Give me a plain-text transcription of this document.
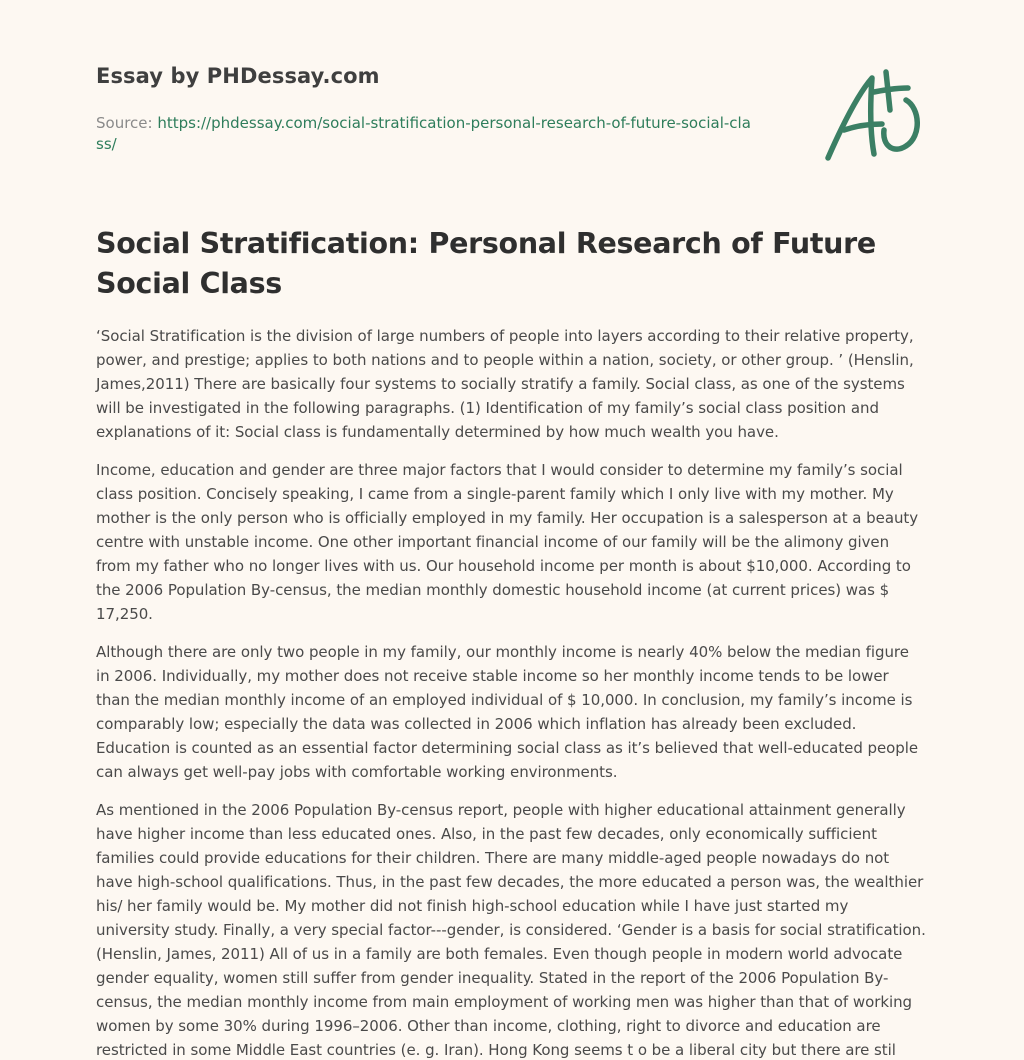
Essay by PHDessay.com
Source: https://phdessay.com/social-stratification-personal-research-of-future-social-class/
Social Stratification: Personal Research of Future Social Class

‘Social Stratification is the division of large numbers of people into layers according to their relative property, power, and prestige; applies to both nations and to people within a nation, society, or other group. ’ (Henslin, James,2011) There are basically four systems to socially stratify a family. Social class, as one of the systems will be investigated in the following paragraphs. (1) Identification of my family’s social class position and explanations of it: Social class is fundamentally determined by how much wealth you have.

Income, education and gender are three major factors that I would consider to determine my family’s social class position. Concisely speaking, I came from a single-parent family which I only live with my mother. My mother is the only person who is officially employed in my family. Her occupation is a salesperson at a beauty centre with unstable income. One other important financial income of our family will be the alimony given from my father who no longer lives with us. Our household income per month is about $10,000. According to the 2006 Population By-census, the median monthly domestic household income (at current prices) was $ 17,250.

Although there are only two people in my family, our monthly income is nearly 40% below the median figure in 2006. Individually, my mother does not receive stable income so her monthly income tends to be lower than the median monthly income of an employed individual of $ 10,000. In conclusion, my family’s income is comparably low; especially the data was collected in 2006 which inflation has already been excluded. Education is counted as an essential factor determining social class as it’s believed that well-educated people can always get well-pay jobs with comfortable working environments.

As mentioned in the 2006 Population By-census report, people with higher educational attainment generally have higher income than less educated ones. Also, in the past few decades, only economically sufficient families could provide educations for their children. There are many middle-aged people nowadays do not have high-school qualifications. Thus, in the past few decades, the more educated a person was, the wealthier his/ her family would be. My mother did not finish high-school education while I have just started my university study. Finally, a very special factor---gender, is considered. ‘Gender is a basis for social stratification. (Henslin, James, 2011) All of us in a family are both females. Even though people in modern world advocate gender equality, women still suffer from gender inequality. Stated in the report of the 2006 Population By-census, the median monthly income from main employment of working men was higher than that of working women by some 30% during 1996–2006. Other than income, clothing, right to divorce and education are restricted in some Middle East countries (e. g. Iran). Hong Kong seems t o be a liberal city but there are stil
